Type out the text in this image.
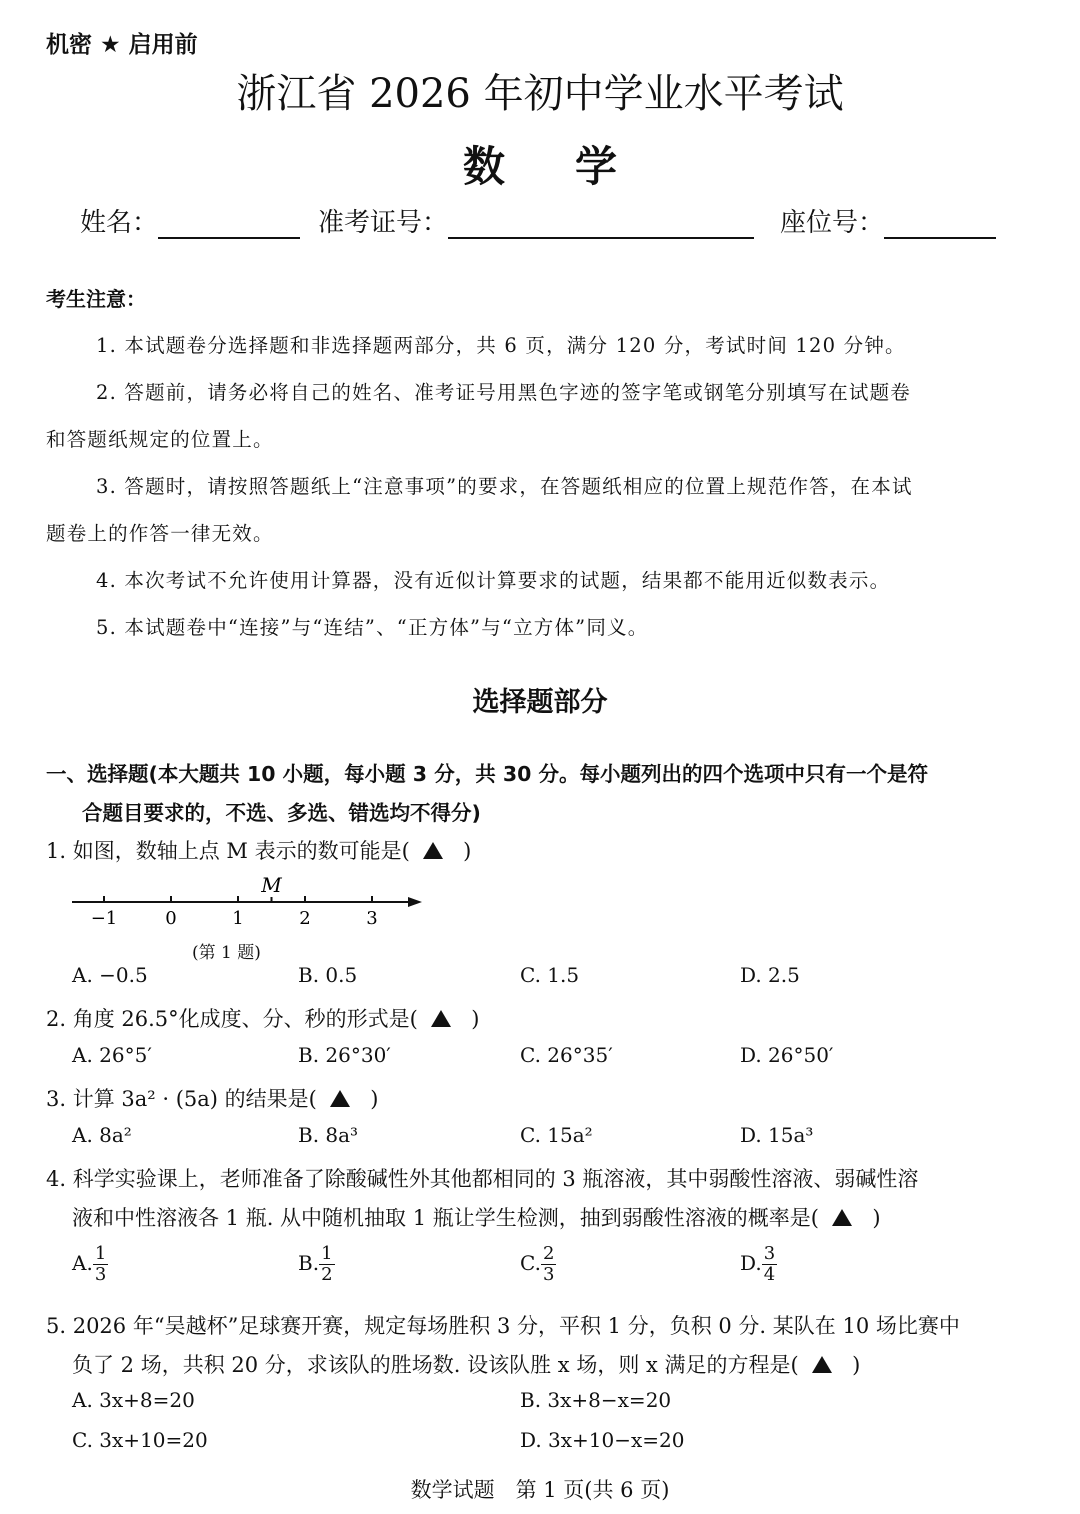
机密 ★ 启用前
浙江省 2026 年初中学业水平考试
数学
姓名：	准考证号：	座位号：
考生注意：
1. 本试题卷分选择题和非选择题两部分，共 6 页，满分 120 分，考试时间 120 分钟。
2. 答题前，请务必将自己的姓名、准考证号用黑色字迹的签字笔或钢笔分别填写在试题卷
和答题纸规定的位置上。
3. 答题时，请按照答题纸上“注意事项”的要求，在答题纸相应的位置上规范作答，在本试
题卷上的作答一律无效。
4. 本次考试不允许使用计算器，没有近似计算要求的试题，结果都不能用近似数表示。
5. 本试题卷中“连接”与“连结”、“正方体”与“立方体”同义。
选择题部分
一、选择题(本大题共 10 小题，每小题 3 分，共 30 分。每小题列出的四个选项中只有一个是符
合题目要求的，不选、多选、错选均不得分)
1. 如图，数轴上点 M 表示的数可能是(	)
−1	0	1	2	3
M
(第 1 题)
A. −0.5	B. 0.5	C. 1.5	D. 2.5
2. 角度 26.5°化成度、分、秒的形式是(	)
A. 26°5′	B. 26°30′	C. 26°35′	D. 26°50′
3. 计算 3a² · (5a) 的结果是(	)
A. 8a²	B. 8a³	C. 15a²	D. 15a³
4. 科学实验课上，老师准备了除酸碱性外其他都相同的 3 瓶溶液，其中弱酸性溶液、弱碱性溶
液和中性溶液各 1 瓶. 从中随机抽取 1 瓶让学生检测，抽到弱酸性溶液的概率是(	)
A. $\frac{1}{3}$	B. $\frac{1}{2}$	C. $\frac{2}{3}$	D. $\frac{3}{4}$
5. 2026 年“吴越杯”足球赛开赛，规定每场胜积 3 分，平积 1 分，负积 0 分. 某队在 10 场比赛中
负了 2 场，共积 20 分，求该队的胜场数. 设该队胜 x 场，则 x 满足的方程是(	)
A. 3x+8=20	B. 3x+8−x=20
C. 3x+10=20	D. 3x+10−x=20
数学试题　第 1 页(共 6 页)
